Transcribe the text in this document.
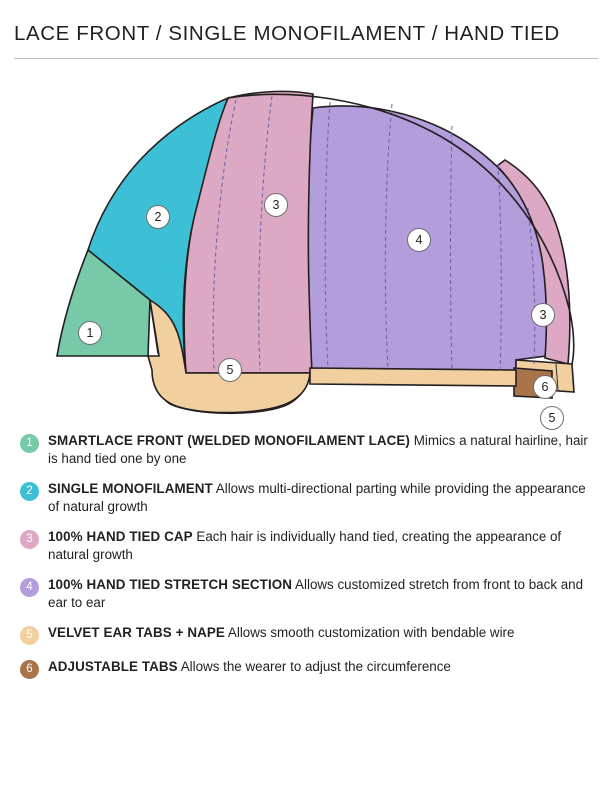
LACE FRONT / SINGLE MONOFILAMENT / HAND TIED
1
2
3
4
3
5
6
5
1	SMARTLACE FRONT (WELDED MONOFILAMENT LACE) Mimics a natural hairline, hair is hand tied one by one
2	SINGLE MONOFILAMENT Allows multi-directional parting while providing the appearance of natural growth
3	100% HAND TIED CAP Each hair is individually hand tied, creating the appearance of natural growth
4	100% HAND TIED STRETCH SECTION Allows customized stretch from front to back and ear to ear
5	VELVET EAR TABS + NAPE Allows smooth customization with bendable wire
6	ADJUSTABLE TABS Allows the wearer to adjust the circumference
